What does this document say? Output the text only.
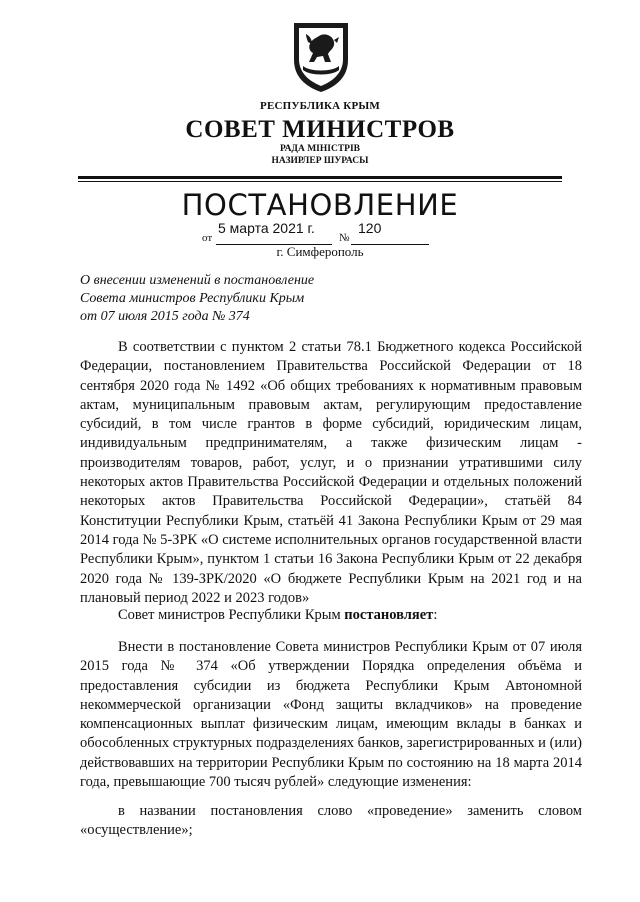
РЕСПУБЛИКА КРЫМ
СОВЕТ МИНИСТРОВ
РАДА МІНІСТРІВ
НАЗИРЛЕР ШУРАСЫ
ПОСТАНОВЛЕНИЕ
от
5 марта 2021 г.
№
120
г. Симферополь
О внесении изменений в постановление
Совета министров Республики Крым
от 07 июля 2015 года № 374
В соответствии с пунктом 2 статьи 78.1 Бюджетного кодекса Российской Федерации, постановлением Правительства Российской Федерации от 18 сентября 2020 года № 1492 «Об общих требованиях к нормативным правовым актам, муниципальным правовым актам, регулирующим предоставление субсидий, в том числе грантов в форме субсидий, юридическим лицам, индивидуальным предпринимателям, а также физическим лицам - производителям товаров, работ, услуг, и о признании утратившими силу некоторых актов Правительства Российской Федерации и отдельных положений некоторых актов Правительства Российской Федерации», статьёй 84 Конституции Республики Крым, статьёй 41 Закона Республики Крым от 29 мая 2014 года № 5-ЗРК «О системе исполнительных органов государственной власти Республики Крым», пунктом 1 статьи 16 Закона Республики Крым от 22 декабря 2020 года № 139-ЗРК/2020 «О бюджете Республики Крым на 2021 год и на плановый период 2022 и 2023 годов»
Совет министров Республики Крым постановляет:
Внести в постановление Совета министров Республики Крым от 07 июля 2015 года № 374 «Об утверждении Порядка определения объёма и предоставления субсидии из бюджета Республики Крым Автономной некоммерческой организации «Фонд защиты вкладчиков» на проведение компенсационных выплат физическим лицам, имеющим вклады в банках и обособленных структурных подразделениях банков, зарегистрированных и (или) действовавших на территории Республики Крым по состоянию на 18 марта 2014 года, превышающие 700 тысяч рублей» следующие изменения:
в названии постановления слово «проведение» заменить словом «осуществление»;
